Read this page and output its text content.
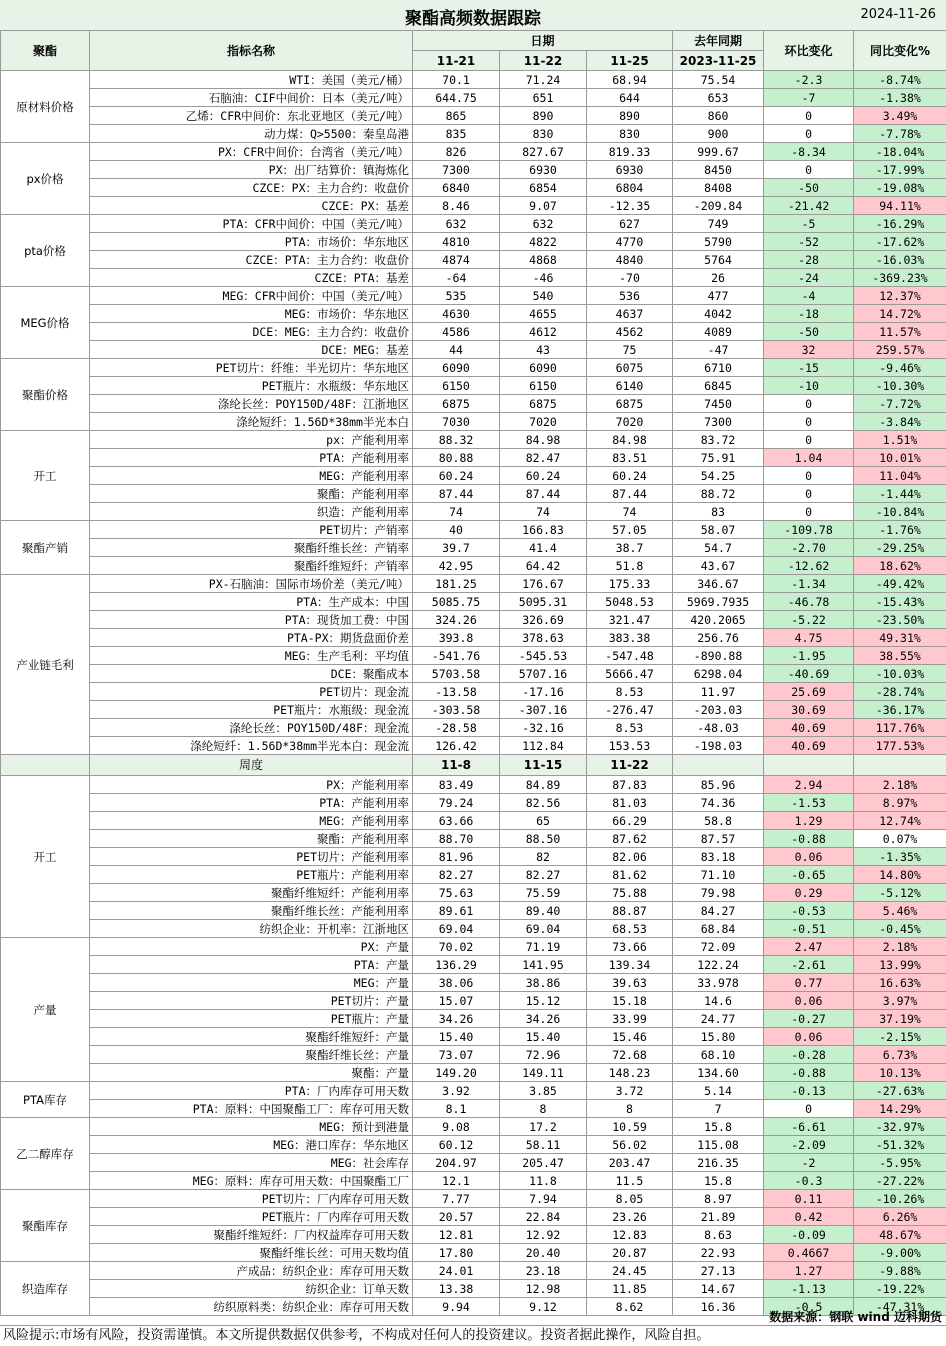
聚酯高频数据跟踪	2024-11-26
聚酯	指标名称	日期			去年同期	环比变化	同比变化%
		11-21	11-22	11-25	2023-11-25		
原材料价格	WTI：美国（美元/桶）	70.1	71.24	68.94	75.54	-2.3	-8.74%
	石脑油：CIF中间价：日本（美元/吨）	644.75	651	644	653	-7	-1.38%
	乙烯：CFR中间价：东北亚地区（美元/吨）	865	890	890	860	0	3.49%
	动力煤：Q>5500：秦皇岛港	835	830	830	900	0	-7.78%
px价格	PX：CFR中间价：台湾省（美元/吨）	826	827.67	819.33	999.67	-8.34	-18.04%
	PX：出厂结算价：镇海炼化	7300	6930	6930	8450	0	-17.99%
	CZCE：PX：主力合约：收盘价	6840	6854	6804	8408	-50	-19.08%
	CZCE：PX：基差	8.46	9.07	-12.35	-209.84	-21.42	94.11%
pta价格	PTA：CFR中间价：中国（美元/吨）	632	632	627	749	-5	-16.29%
	PTA：市场价：华东地区	4810	4822	4770	5790	-52	-17.62%
	CZCE：PTA：主力合约：收盘价	4874	4868	4840	5764	-28	-16.03%
	CZCE：PTA：基差	-64	-46	-70	26	-24	-369.23%
MEG价格	MEG：CFR中间价：中国（美元/吨）	535	540	536	477	-4	12.37%
	MEG：市场价：华东地区	4630	4655	4637	4042	-18	14.72%
	DCE：MEG：主力合约：收盘价	4586	4612	4562	4089	-50	11.57%
	DCE：MEG：基差	44	43	75	-47	32	259.57%
聚酯价格	PET切片：纤维：半光切片：华东地区	6090	6090	6075	6710	-15	-9.46%
	PET瓶片：水瓶级：华东地区	6150	6150	6140	6845	-10	-10.30%
	涤纶长丝：POY150D/48F：江浙地区	6875	6875	6875	7450	0	-7.72%
	涤纶短纤：1.56D*38mm半光本白	7030	7020	7020	7300	0	-3.84%
开工	px：产能利用率	88.32	84.98	84.98	83.72	0	1.51%
	PTA：产能利用率	80.88	82.47	83.51	75.91	1.04	10.01%
	MEG：产能利用率	60.24	60.24	60.24	54.25	0	11.04%
	聚酯：产能利用率	87.44	87.44	87.44	88.72	0	-1.44%
	织造：产能利用率	74	74	74	83	0	-10.84%
聚酯产销	PET切片：产销率	40	166.83	57.05	58.07	-109.78	-1.76%
	聚酯纤维长丝：产销率	39.7	41.4	38.7	54.7	-2.70	-29.25%
	聚酯纤维短纤：产销率	42.95	64.42	51.8	43.67	-12.62	18.62%
产业链毛利	PX-石脑油：国际市场价差（美元/吨）	181.25	176.67	175.33	346.67	-1.34	-49.42%
	PTA：生产成本：中国	5085.75	5095.31	5048.53	5969.7935	-46.78	-15.43%
	PTA：现货加工费：中国	324.26	326.69	321.47	420.2065	-5.22	-23.50%
	PTA-PX：期货盘面价差	393.8	378.63	383.38	256.76	4.75	49.31%
	MEG：生产毛利：平均值	-541.76	-545.53	-547.48	-890.88	-1.95	38.55%
	DCE：聚酯成本	5703.58	5707.16	5666.47	6298.04	-40.69	-10.03%
	PET切片：现金流	-13.58	-17.16	8.53	11.97	25.69	-28.74%
	PET瓶片：水瓶级：现金流	-303.58	-307.16	-276.47	-203.03	30.69	-36.17%
	涤纶长丝：POY150D/48F：现金流	-28.58	-32.16	8.53	-48.03	40.69	117.76%
	涤纶短纤：1.56D*38mm半光本白：现金流	126.42	112.84	153.53	-198.03	40.69	177.53%
	周度	11-8	11-15	11-22			
开工	PX：产能利用率	83.49	84.89	87.83	85.96	2.94	2.18%
	PTA：产能利用率	79.24	82.56	81.03	74.36	-1.53	8.97%
	MEG：产能利用率	63.66	65	66.29	58.8	1.29	12.74%
	聚酯：产能利用率	88.70	88.50	87.62	87.57	-0.88	0.07%
	PET切片：产能利用率	81.96	82	82.06	83.18	0.06	-1.35%
	PET瓶片：产能利用率	82.27	82.27	81.62	71.10	-0.65	14.80%
	聚酯纤维短纤：产能利用率	75.63	75.59	75.88	79.98	0.29	-5.12%
	聚酯纤维长丝：产能利用率	89.61	89.40	88.87	84.27	-0.53	5.46%
	纺织企业：开机率：江浙地区	69.04	69.04	68.53	68.84	-0.51	-0.45%
产量	PX：产量	70.02	71.19	73.66	72.09	2.47	2.18%
	PTA：产量	136.29	141.95	139.34	122.24	-2.61	13.99%
	MEG：产量	38.06	38.86	39.63	33.978	0.77	16.63%
	PET切片：产量	15.07	15.12	15.18	14.6	0.06	3.97%
	PET瓶片：产量	34.26	34.26	33.99	24.77	-0.27	37.19%
	聚酯纤维短纤：产量	15.40	15.40	15.46	15.80	0.06	-2.15%
	聚酯纤维长丝：产量	73.07	72.96	72.68	68.10	-0.28	6.73%
	聚酯：产量	149.20	149.11	148.23	134.60	-0.88	10.13%
PTA库存	PTA：厂内库存可用天数	3.92	3.85	3.72	5.14	-0.13	-27.63%
	PTA：原料：中国聚酯工厂：库存可用天数	8.1	8	8	7	0	14.29%
乙二醇库存	MEG：预计到港量	9.08	17.2	10.59	15.8	-6.61	-32.97%
	MEG：港口库存：华东地区	60.12	58.11	56.02	115.08	-2.09	-51.32%
	MEG：社会库存	204.97	205.47	203.47	216.35	-2	-5.95%
	MEG：原料：库存可用天数：中国聚酯工厂	12.1	11.8	11.5	15.8	-0.3	-27.22%
聚酯库存	PET切片：厂内库存可用天数	7.77	7.94	8.05	8.97	0.11	-10.26%
	PET瓶片：厂内库存可用天数	20.57	22.84	23.26	21.89	0.42	6.26%
	聚酯纤维短纤：厂内权益库存可用天数	12.81	12.92	12.83	8.63	-0.09	48.67%
	聚酯纤维长丝：可用天数均值	17.80	20.40	20.87	22.93	0.4667	-9.00%
织造库存	产成品：纺织企业：库存可用天数	24.01	23.18	24.45	27.13	1.27	-9.88%
	纺织企业：订单天数	13.38	12.98	11.85	14.67	-1.13	-19.22%
	纺织原料类：纺织企业：库存可用天数	9.94	9.12	8.62	16.36	-0.5	-47.31%
数据来源：钢联 wind 迈科期货
风险提示:市场有风险，投资需谨慎。本文所提供数据仅供参考，不构成对任何人的投资建议。投资者据此操作，风险自担。
